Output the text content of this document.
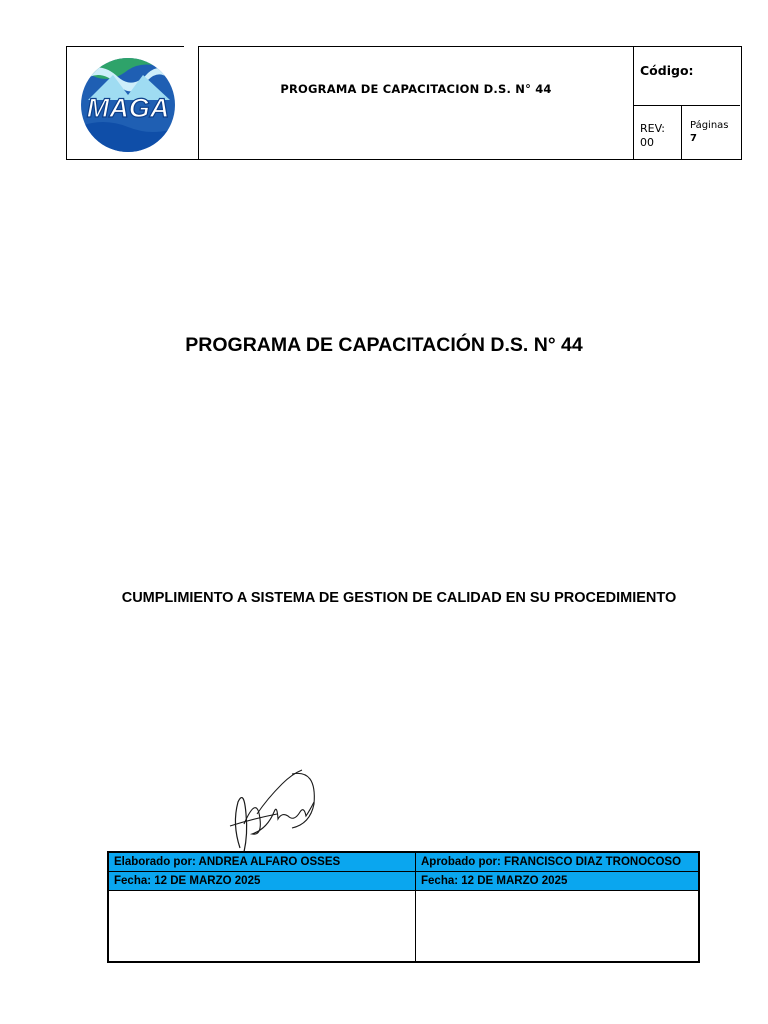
MAGA
PROGRAMA DE CAPACITACION D.S. N° 44
Código:
REV:
00
Páginas
7
PROGRAMA DE CAPACITACIÓN D.S. N° 44
CUMPLIMIENTO A SISTEMA DE GESTION DE CALIDAD EN SU PROCEDIMIENTO
Elaborado por: ANDREA ALFARO OSSES	Aprobado por: FRANCISCO DIAZ TRONOCOSO
Fecha: 12 DE MARZO 2025	Fecha: 12 DE MARZO 2025
